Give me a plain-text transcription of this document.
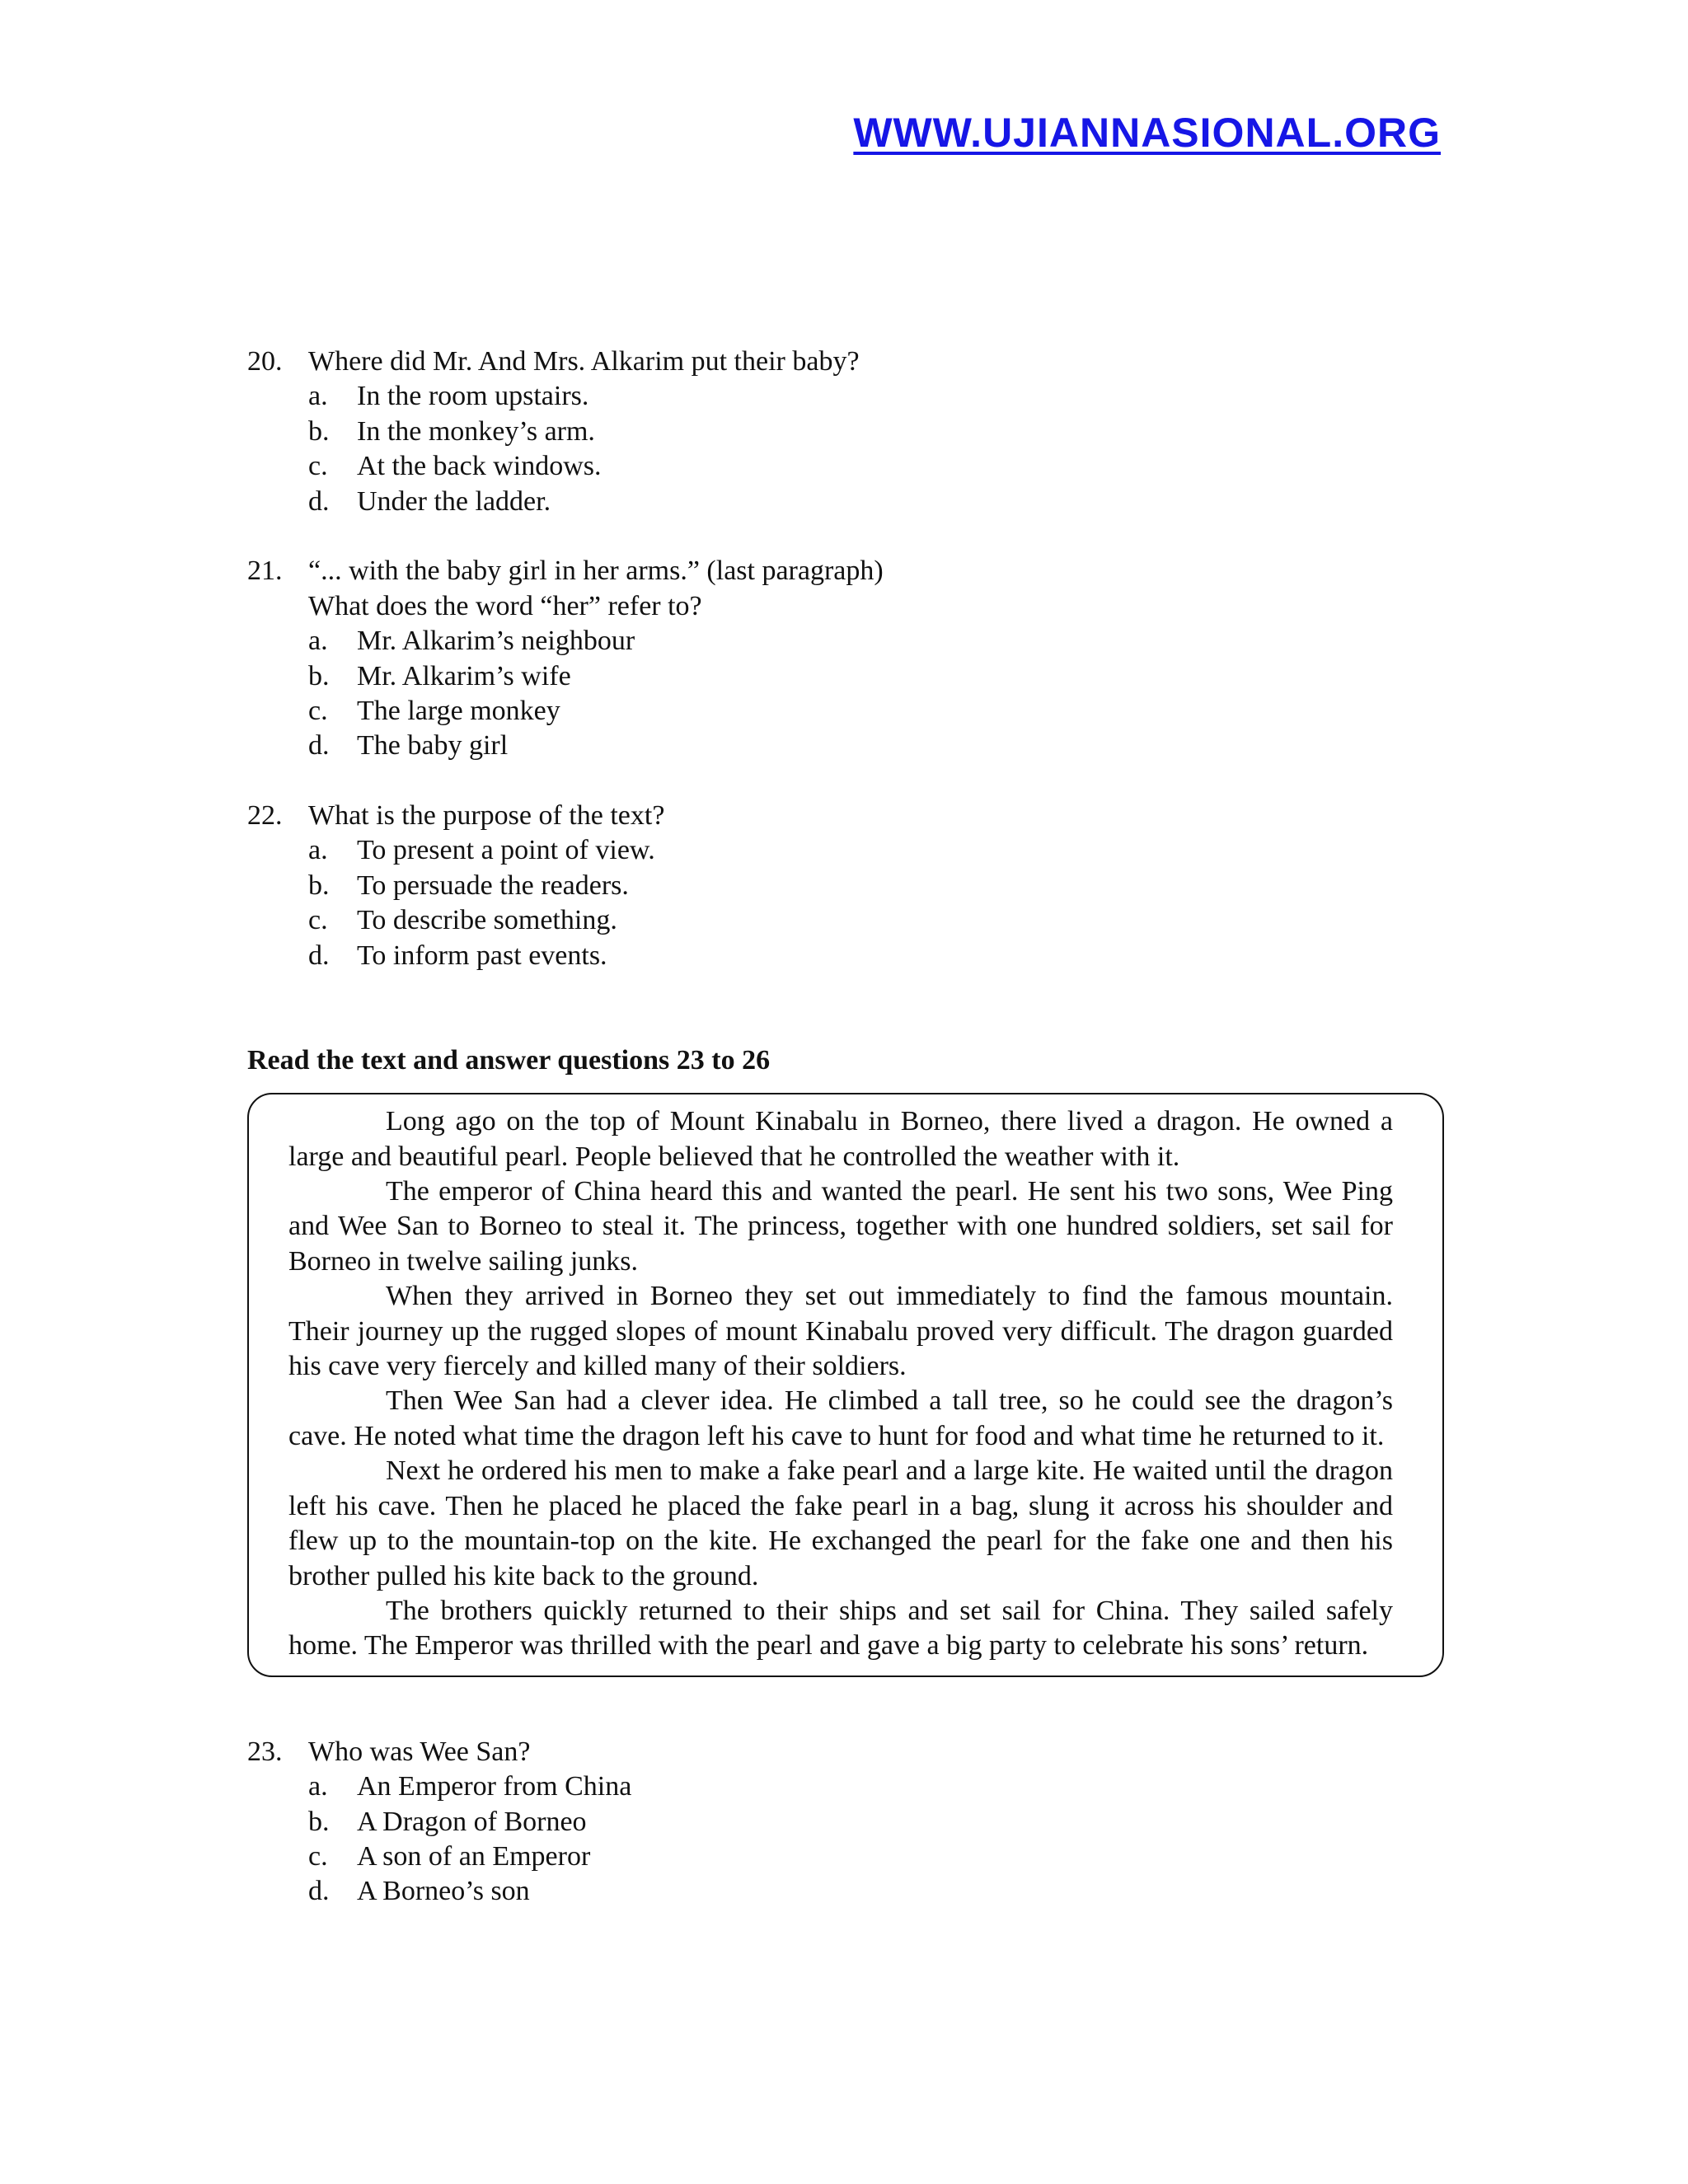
WWW.UJIANNASIONAL.ORG
20. Where did Mr. And Mrs. Alkarim put their baby?
a.	In the room upstairs.
b. In the monkey’s arm.
c.	At the back windows.
d. Under the ladder.
21. “... with the baby girl in her arms.” (last paragraph)
What does the word “her” refer to?
a.	Mr. Alkarim’s neighbour
b. Mr. Alkarim’s wife
c.	The large monkey
d. The baby girl
22. What is the purpose of the text?
a.	To present a point of view.
b. To persuade the readers.
c.	To describe something.
d. To inform past events.
Read the text and answer questions 23 to 26

Long ago on the top of Mount Kinabalu in Borneo, there lived a dragon. He owned a large and beautiful pearl. People believed that he controlled the weather with it.

The emperor of China heard this and wanted the pearl. He sent his two sons, Wee Ping and Wee San to Borneo to steal it. The princess, together with one hundred soldiers, set sail for Borneo in twelve sailing junks.

When they arrived in Borneo they set out immediately to find the famous mountain. Their journey up the rugged slopes of mount Kinabalu proved very difficult. The dragon guarded his cave very fiercely and killed many of their soldiers.

Then Wee San had a clever idea. He climbed a tall tree, so he could see the dragon’s cave. He noted what time the dragon left his cave to hunt for food and what time he returned to it.

Next he ordered his men to make a fake pearl and a large kite. He waited until the dragon left his cave. Then he placed he placed the fake pearl in a bag, slung it across his shoulder and flew up to the mountain-top on the kite. He exchanged the pearl for the fake one and then his brother pulled his kite back to the ground.

The brothers quickly returned to their ships and set sail for China. They sailed safely home. The Emperor was thrilled with the pearl and gave a big party to celebrate his sons’ return.

23. Who was Wee San?
a.	An Emperor from China
b. A Dragon of Borneo
c.	A son of an Emperor
d. A Borneo’s son
